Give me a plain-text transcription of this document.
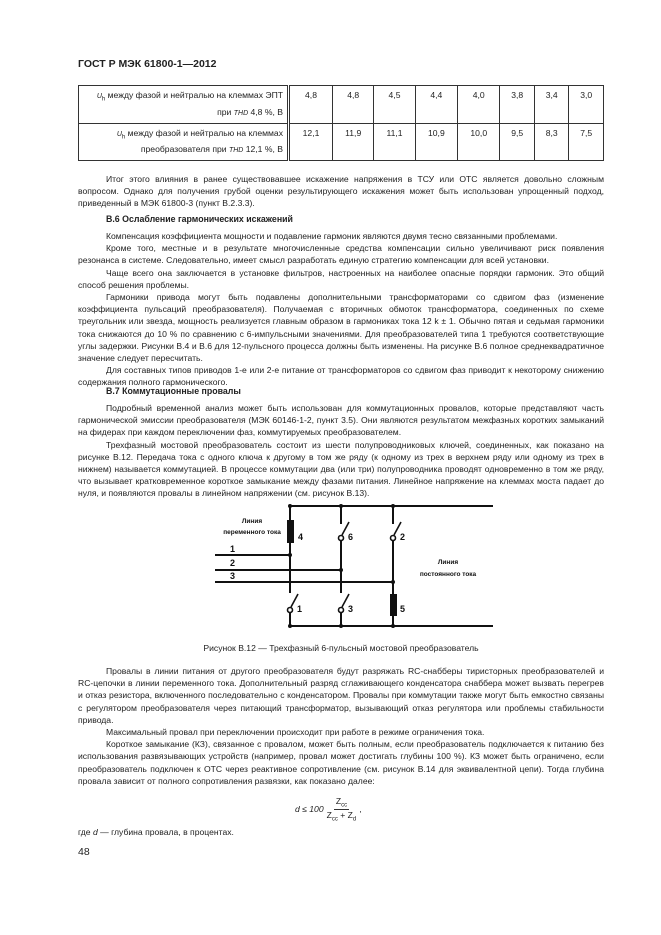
ГОСТ Р МЭК 61800-1—2012
$U_h$ между фазой и нейтралью на клеммах ЭПТ при THD 4,8 %, В	4,8	4,8	4,5	4,4	4,0	3,8	3,4	3,0
$U_h$ между фазой и нейтралью на клеммах преобразователя при THD 12,1 %, В	12,1	11,9	11,1	10,9	10,0	9,5	8,3	7,5

Итог этого влияния в ранее существовавшее искажение напряжения в ТСУ или ОТС является довольно сложным вопросом. Однако для получения грубой оценки результирующего искажения может быть использован упрощенный подход, приведенный в МЭК 61800-3 (пункт В.2.3.3).

В.6 Ослабление гармонических искажений

Компенсация коэффициента мощности и подавление гармоник являются двумя тесно связанными проблемами.

Кроме того, местные и в результате многочисленные средства компенсации сильно увеличивают риск появления резонанса в системе. Следовательно, имеет смысл разработать единую стратегию компенсации для всей установки.

Чаще всего она заключается в установке фильтров, настроенных на наиболее опасные порядки гармоник. Это общий способ решения проблемы.

Гармоники привода могут быть подавлены дополнительными трансформаторами со сдвигом фаз (изменение коэффициента пульсаций преобразователя). Получаемая с вторичных обмоток трансформатора, соединенных по схеме треугольник или звезда, мощность реализуется главным образом в гармониках тока 12 k ± 1. Обычно пятая и седьмая гармоники тока снижаются до 10 % по сравнению с 6-импульсными значениями. Для преобразователей типа 1 требуются соответствующие углы задержки. Рисунки В.4 и В.6 для 12-пульсного процесса должны быть изменены. На рисунке В.6 полное среднеквадратичное значение следует пересчитать.

Для составных типов приводов 1-е или 2-е питание от трансформаторов со сдвигом фаз приводит к некоторому снижению содержания полного гармонического.

В.7 Коммутационные провалы

Подробный временной анализ может быть использован для коммутационных провалов, которые представляют часть гармонической эмиссии преобразователя (МЭК 60146-1-2, пункт 3.5). Они являются результатом межфазных коротких замыканий на фидерах при каждом переключении фаз, коммутируемых преобразователем.

Трехфазный мостовой преобразователь состоит из шести полупроводниковых ключей, соединенных, как показано на рисунке В.12. Передача тока с одного ключа к другому в том же ряду (к одному из трех в верхнем ряду или одному из трех в нижнем) называется коммутацией. В процессе коммутации два (или три) полупроводника проводят одновременно в том же ряду, что вызывает кратковременное короткое замыкание между фазами питания. Линейное напряжение на клеммах моста падает до нуля, и появляются провалы в линейном напряжении (см. рисунок В.13).

Линия
переменного тока
Линия
постоянного тока
1
2
3
4	6	2
1	3	5
Рисунок В.12 — Трехфазный 6-пульсный мостовой преобразователь

Провалы в линии питания от другого преобразователя будут разряжать RC-снабберы тиристорных преобразователей и RC-цепочки в линии переменного тока. Дополнительный разряд сглаживающего конденсатора снаббера может вызвать перегрев и отказ резистора, включенного последовательно с конденсатором. Провалы при коммутации также могут быть емкостно связаны с регулятором преобразователя через питающий трансформатор, вызывающий отказ регулятора или проблемы стабильности привода.

Максимальный провал при переключении происходит при работе в режиме ограничения тока.

Короткое замыкание (КЗ), связанное с провалом, может быть полным, если преобразователь подключается к питанию без использования развязывающих устройств (например, провал может достигать глубины 100 %). КЗ может быть ограничено, если преобразователь подключен к ОТС через реактивное сопротивление (см. рисунок В.14 для эквивалентной цепи). Тогда глубина провала зависит от полного сопротивления развязки, как показано далее:

$d \le 100 \frac{Z_{cc}}{Z_{cc} + Z_d}$ ,
где d — глубина провала, в процентах.
48
